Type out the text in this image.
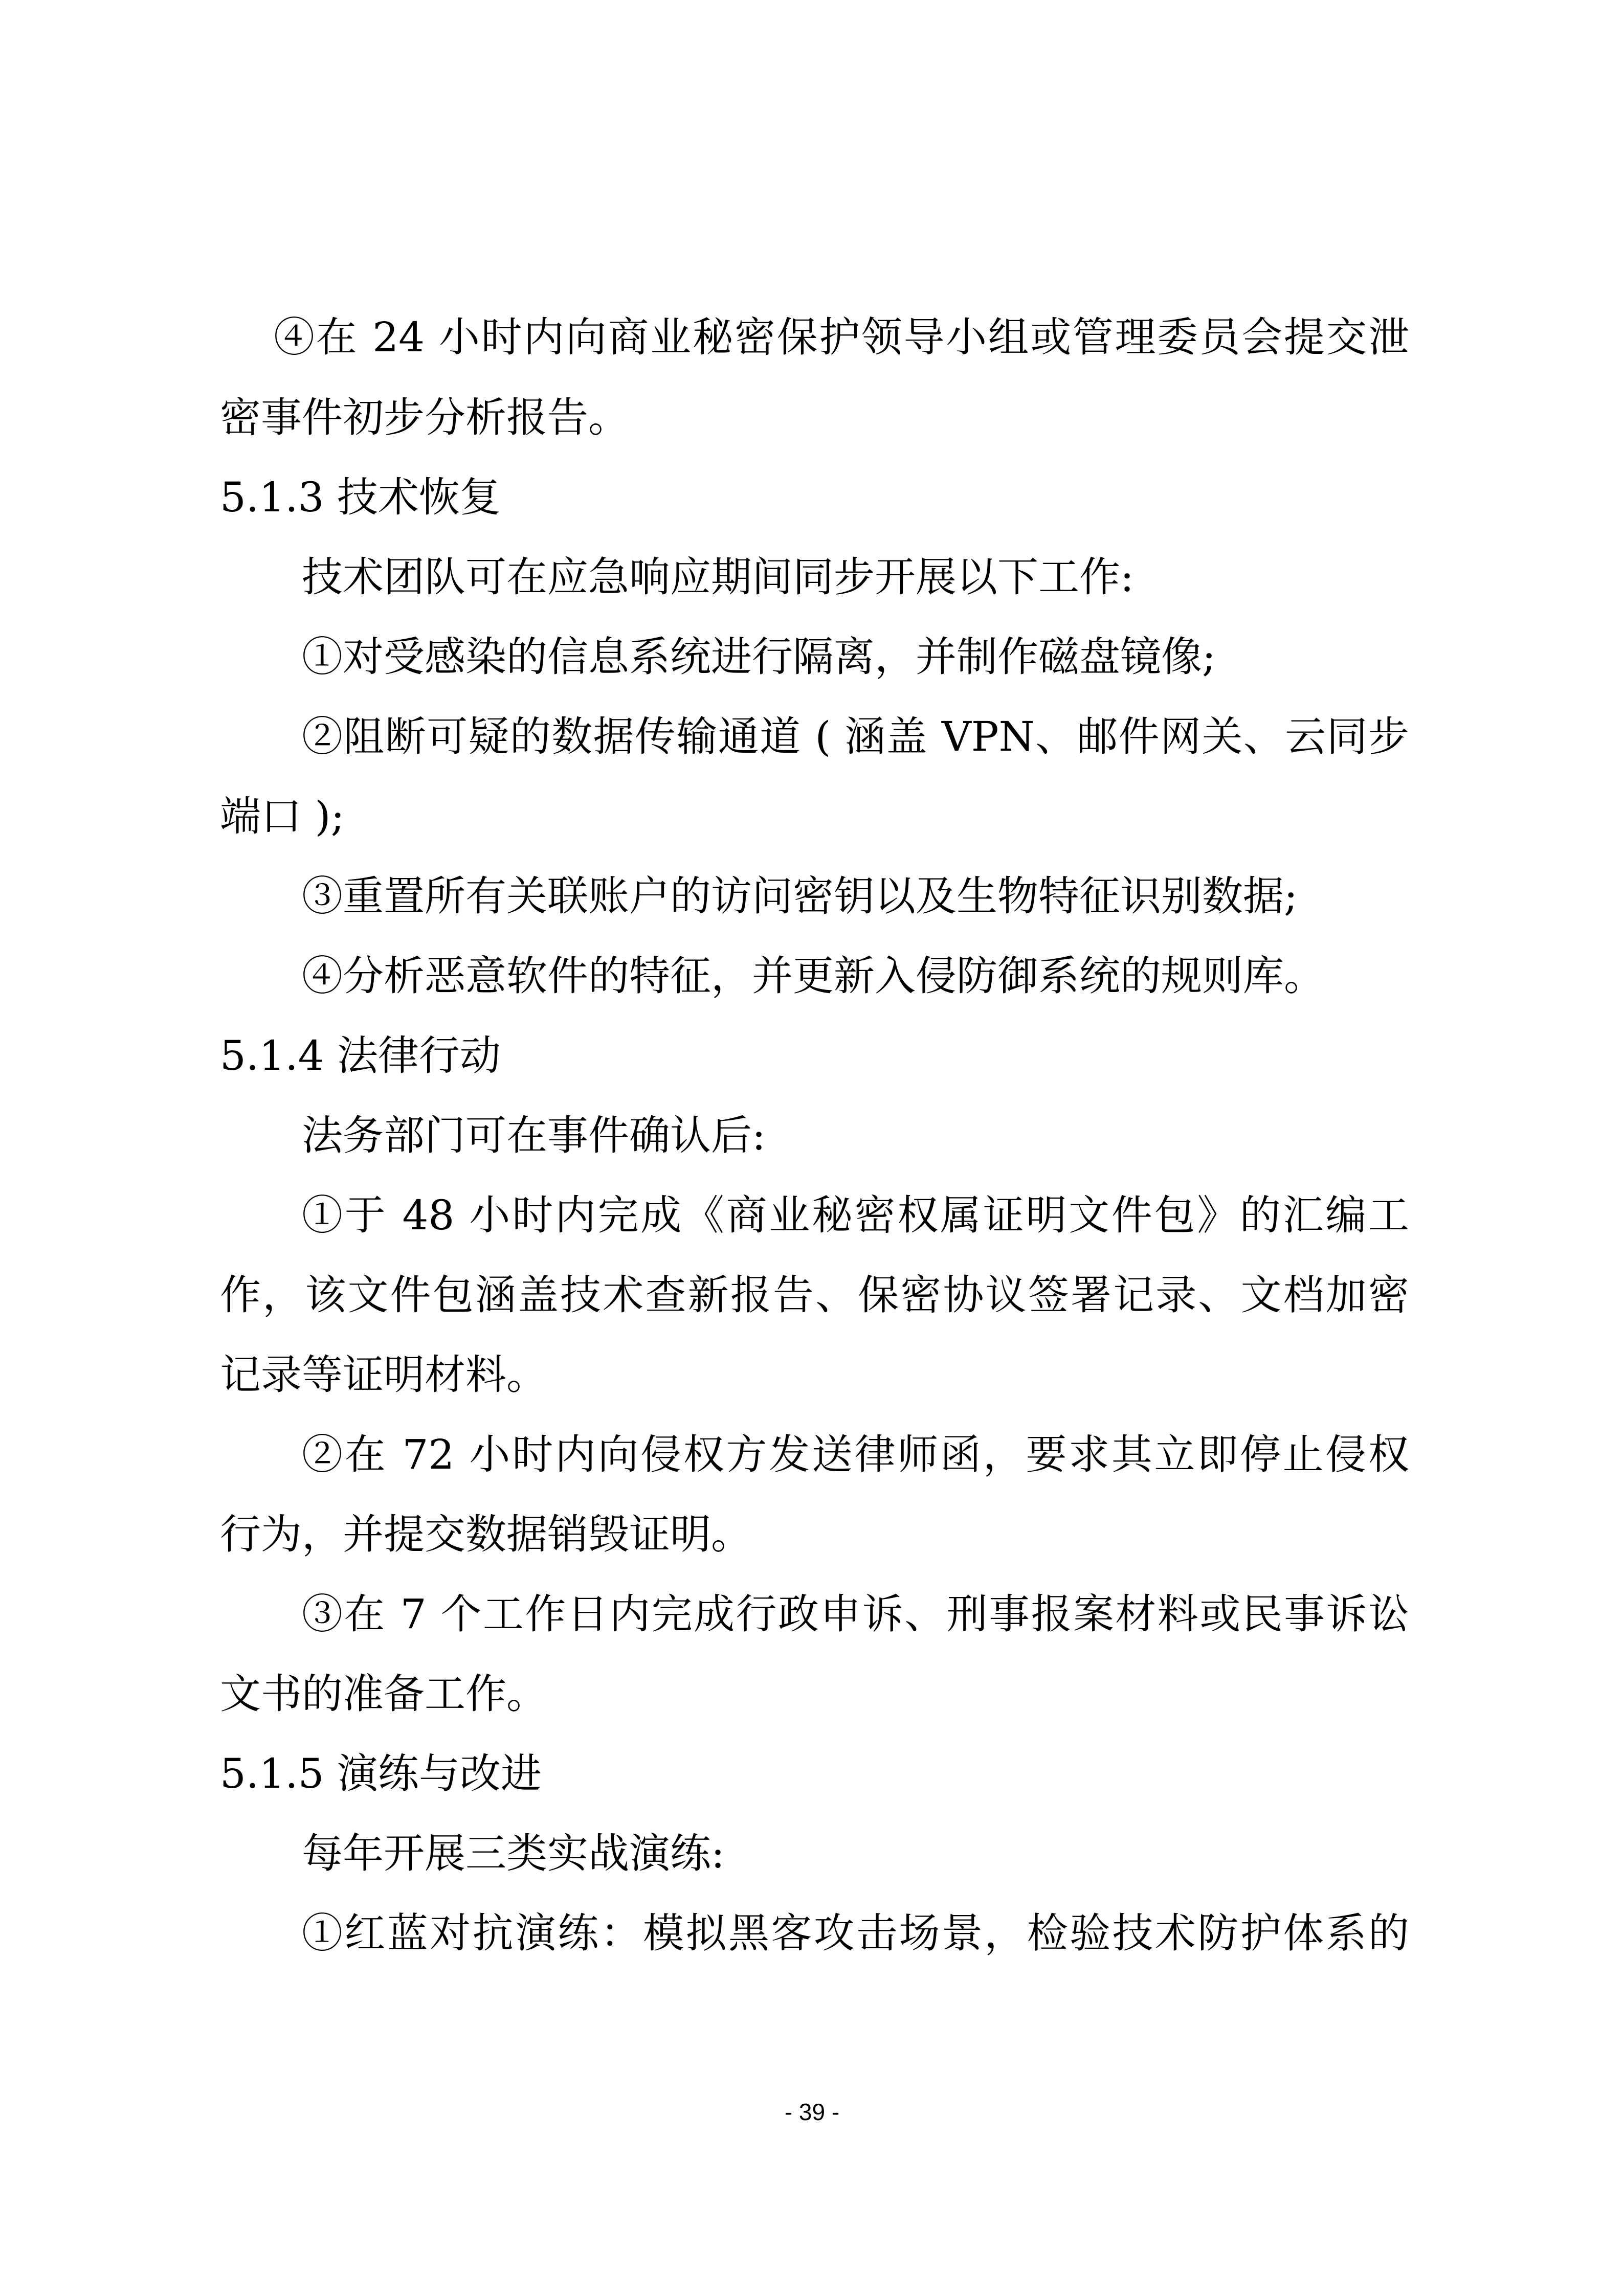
④在 24 小时内向商业秘密保护领导小组或管理委员会提交泄

密事件初步分析报告。

5.1.3 技术恢复

技术团队可在应急响应期间同步开展以下工作:

①对受感染的信息系统进行隔离，并制作磁盘镜像;

②阻断可疑的数据传输通道 ( 涵盖 VPN、邮件网关、云同步

端口 );

③重置所有关联账户的访问密钥以及生物特征识别数据;

④分析恶意软件的特征，并更新入侵防御系统的规则库。

5.1.4 法律行动

法务部门可在事件确认后:

①于 48 小时内完成《商业秘密权属证明文件包》的汇编工

作，该文件包涵盖技术查新报告、保密协议签署记录、文档加密

记录等证明材料。

②在 72 小时内向侵权方发送律师函，要求其立即停止侵权

行为，并提交数据销毁证明。

③在 7 个工作日内完成行政申诉、刑事报案材料或民事诉讼

文书的准备工作。

5.1.5 演练与改进

每年开展三类实战演练:

①红蓝对抗演练：模拟黑客攻击场景，检验技术防护体系的

- 39 -
